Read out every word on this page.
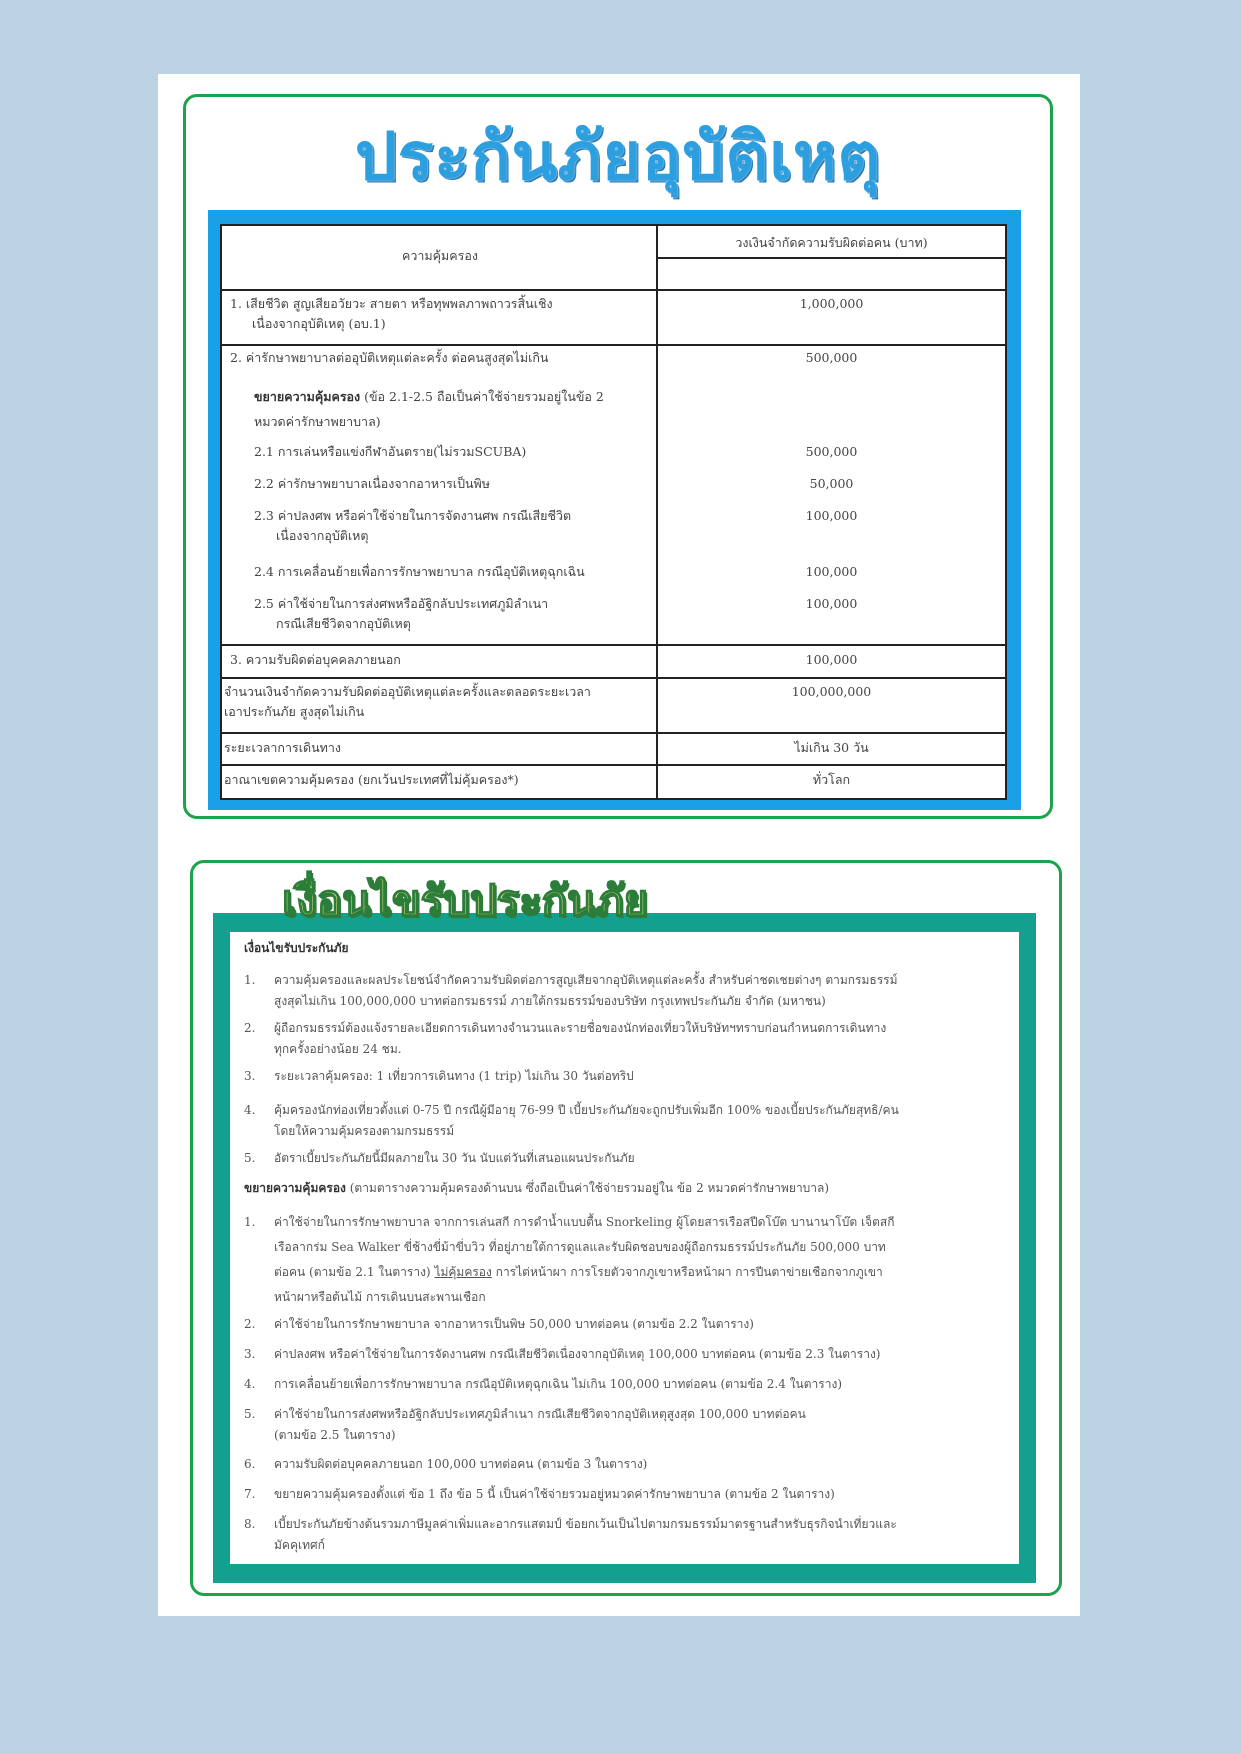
ประกันภัยอุบัติเหตุ
ความคุ้มครอง
วงเงินจำกัดความรับผิดต่อคน (บาท)
1. เสียชีวิต สูญเสียอวัยวะ สายตา หรือทุพพลภาพถาวรสิ้นเชิง
เนื่องจากอุบัติเหตุ (อบ.1)
1,000,000
2. ค่ารักษาพยาบาลต่ออุบัติเหตุแต่ละครั้ง ต่อคนสูงสุดไม่เกิน	500,000
ขยายความคุ้มครอง (ข้อ 2.1-2.5 ถือเป็นค่าใช้จ่ายรวมอยู่ในข้อ 2
หมวดค่ารักษาพยาบาล)
2.1 การเล่นหรือแข่งกีฬาอันตราย(ไม่รวมSCUBA)	500,000
2.2 ค่ารักษาพยาบาลเนื่องจากอาหารเป็นพิษ	50,000
2.3 ค่าปลงศพ หรือค่าใช้จ่ายในการจัดงานศพ กรณีเสียชีวิต
เนื่องจากอุบัติเหตุ
100,000
2.4 การเคลื่อนย้ายเพื่อการรักษาพยาบาล กรณีอุบัติเหตุฉุกเฉิน	100,000
2.5 ค่าใช้จ่ายในการส่งศพหรืออัฐิกลับประเทศภูมิลำเนา
กรณีเสียชีวิตจากอุบัติเหตุ
100,000
3. ความรับผิดต่อบุคคลภายนอก	100,000
จำนวนเงินจำกัดความรับผิดต่ออุบัติเหตุแต่ละครั้งและตลอดระยะเวลา
เอาประกันภัย สูงสุดไม่เกิน
100,000,000
ระยะเวลาการเดินทาง	ไม่เกิน 30 วัน
อาณาเขตความคุ้มครอง (ยกเว้นประเทศที่ไม่คุ้มครอง*)	ทั่วโลก
เงื่อนไขรับประกันภัย
เงื่อนไขรับประกันภัย
1.	ความคุ้มครองและผลประโยชน์จำกัดความรับผิดต่อการสูญเสียจากอุบัติเหตุแต่ละครั้ง สำหรับค่าชดเชยต่างๆ ตามกรมธรรม์
สูงสุดไม่เกิน 100,000,000 บาทต่อกรมธรรม์ ภายใต้กรมธรรม์ของบริษัท กรุงเทพประกันภัย จำกัด (มหาชน)
2.	ผู้ถือกรมธรรม์ต้องแจ้งรายละเอียดการเดินทางจำนวนและรายชื่อของนักท่องเที่ยวให้บริษัทฯทราบก่อนกำหนดการเดินทาง
ทุกครั้งอย่างน้อย 24 ชม.
3.	ระยะเวลาคุ้มครอง: 1 เที่ยวการเดินทาง (1 trip) ไม่เกิน 30 วันต่อทริป
4.	คุ้มครองนักท่องเที่ยวตั้งแต่ 0-75 ปี กรณีผู้มีอายุ 76-99 ปี เบี้ยประกันภัยจะถูกปรับเพิ่มอีก 100% ของเบี้ยประกันภัยสุทธิ/คน
โดยให้ความคุ้มครองตามกรมธรรม์
5.	อัตราเบี้ยประกันภัยนี้มีผลภายใน 30 วัน นับแต่วันที่เสนอแผนประกันภัย
ขยายความคุ้มครอง (ตามตารางความคุ้มครองด้านบน ซึ่งถือเป็นค่าใช้จ่ายรวมอยู่ใน ข้อ 2 หมวดค่ารักษาพยาบาล)
1.	ค่าใช้จ่ายในการรักษาพยาบาล จากการเล่นสกี การดำน้ำแบบตื้น Snorkeling ผู้โดยสารเรือสปีดโบ๊ต บานานาโบ๊ต เจ็ตสกี
เรือลากร่ม Sea Walker ขี่ช้างขี่ม้าขี่บวิว ที่อยู่ภายใต้การดูแลและรับผิดชอบของผู้ถือกรมธรรม์ประกันภัย 500,000 บาท
ต่อคน (ตามข้อ 2.1 ในตาราง) ไม่คุ้มครอง การไต่หน้าผา การโรยตัวจากภูเขาหรือหน้าผา การปีนตาข่ายเชือกจากภูเขา
หน้าผาหรือต้นไม้ การเดินบนสะพานเชือก
2.	ค่าใช้จ่ายในการรักษาพยาบาล จากอาหารเป็นพิษ 50,000 บาทต่อคน (ตามข้อ 2.2 ในตาราง)
3.	ค่าปลงศพ หรือค่าใช้จ่ายในการจัดงานศพ กรณีเสียชีวิตเนื่องจากอุบัติเหตุ 100,000 บาทต่อคน (ตามข้อ 2.3 ในตาราง)
4.	การเคลื่อนย้ายเพื่อการรักษาพยาบาล กรณีอุบัติเหตุฉุกเฉิน ไม่เกิน 100,000 บาทต่อคน (ตามข้อ 2.4 ในตาราง)
5.	ค่าใช้จ่ายในการส่งศพหรืออัฐิกลับประเทศภูมิลำเนา กรณีเสียชีวิตจากอุบัติเหตุสูงสุด 100,000 บาทต่อคน
(ตามข้อ 2.5 ในตาราง)
6.	ความรับผิดต่อบุคคลภายนอก 100,000 บาทต่อคน (ตามข้อ 3 ในตาราง)
7.	ขยายความคุ้มครองตั้งแต่ ข้อ 1 ถึง ข้อ 5 นี้ เป็นค่าใช้จ่ายรวมอยู่หมวดค่ารักษาพยาบาล (ตามข้อ 2 ในตาราง)
8.	เบี้ยประกันภัยข้างต้นรวมภาษีมูลค่าเพิ่มและอากรแสตมป์ ข้อยกเว้นเป็นไปตามกรมธรรม์มาตรฐานสำหรับธุรกิจนำเที่ยวและ
มัคคุเทศก์
